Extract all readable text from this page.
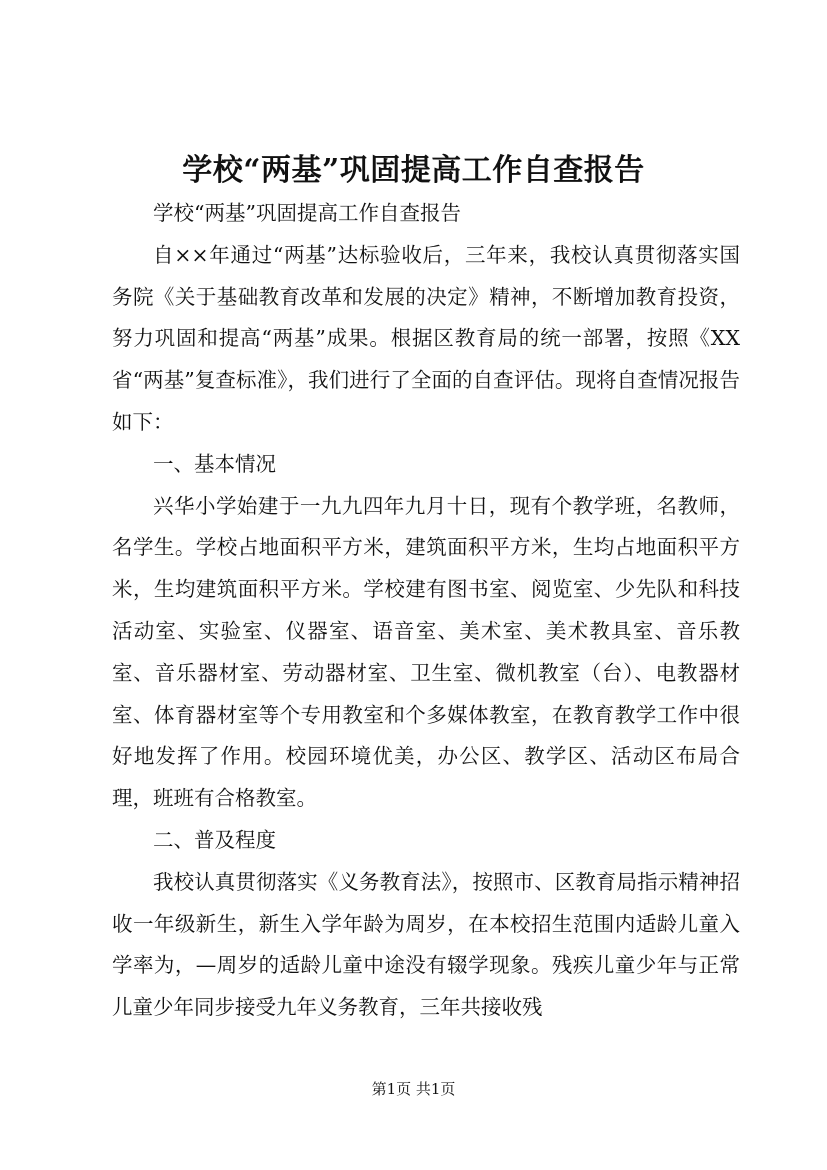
学校“两基”巩固提高工作自查报告

学校“两基”巩固提高工作自查报告

自××年通过“两基”达标验收后，三年来，我校认真贯彻落实国务院《关于基础教育改革和发展的决定》精神，不断增加教育投资，努力巩固和提高“两基”成果。根据区教育局的统一部署，按照《XX省“两基”复查标准》，我们进行了全面的自查评估。现将自查情况报告如下：

一、基本情况

兴华小学始建于一九九四年九月十日，现有个教学班，名教师，名学生。学校占地面积平方米，建筑面积平方米，生均占地面积平方米，生均建筑面积平方米。学校建有图书室、阅览室、少先队和科技活动室、实验室、仪器室、语音室、美术室、美术教具室、音乐教室、音乐器材室、劳动器材室、卫生室、微机教室（台）、电教器材室、体育器材室等个专用教室和个多媒体教室，在教育教学工作中很好地发挥了作用。校园环境优美，办公区、教学区、活动区布局合理，班班有合格教室。

二、普及程度

我校认真贯彻落实《义务教育法》，按照市、区教育局指示精神招收一年级新生，新生入学年龄为周岁，在本校招生范围内适龄儿童入学率为，—周岁的适龄儿童中途没有辍学现象。残疾儿童少年与正常儿童少年同步接受九年义务教育，三年共接收残

第1页 共1页
